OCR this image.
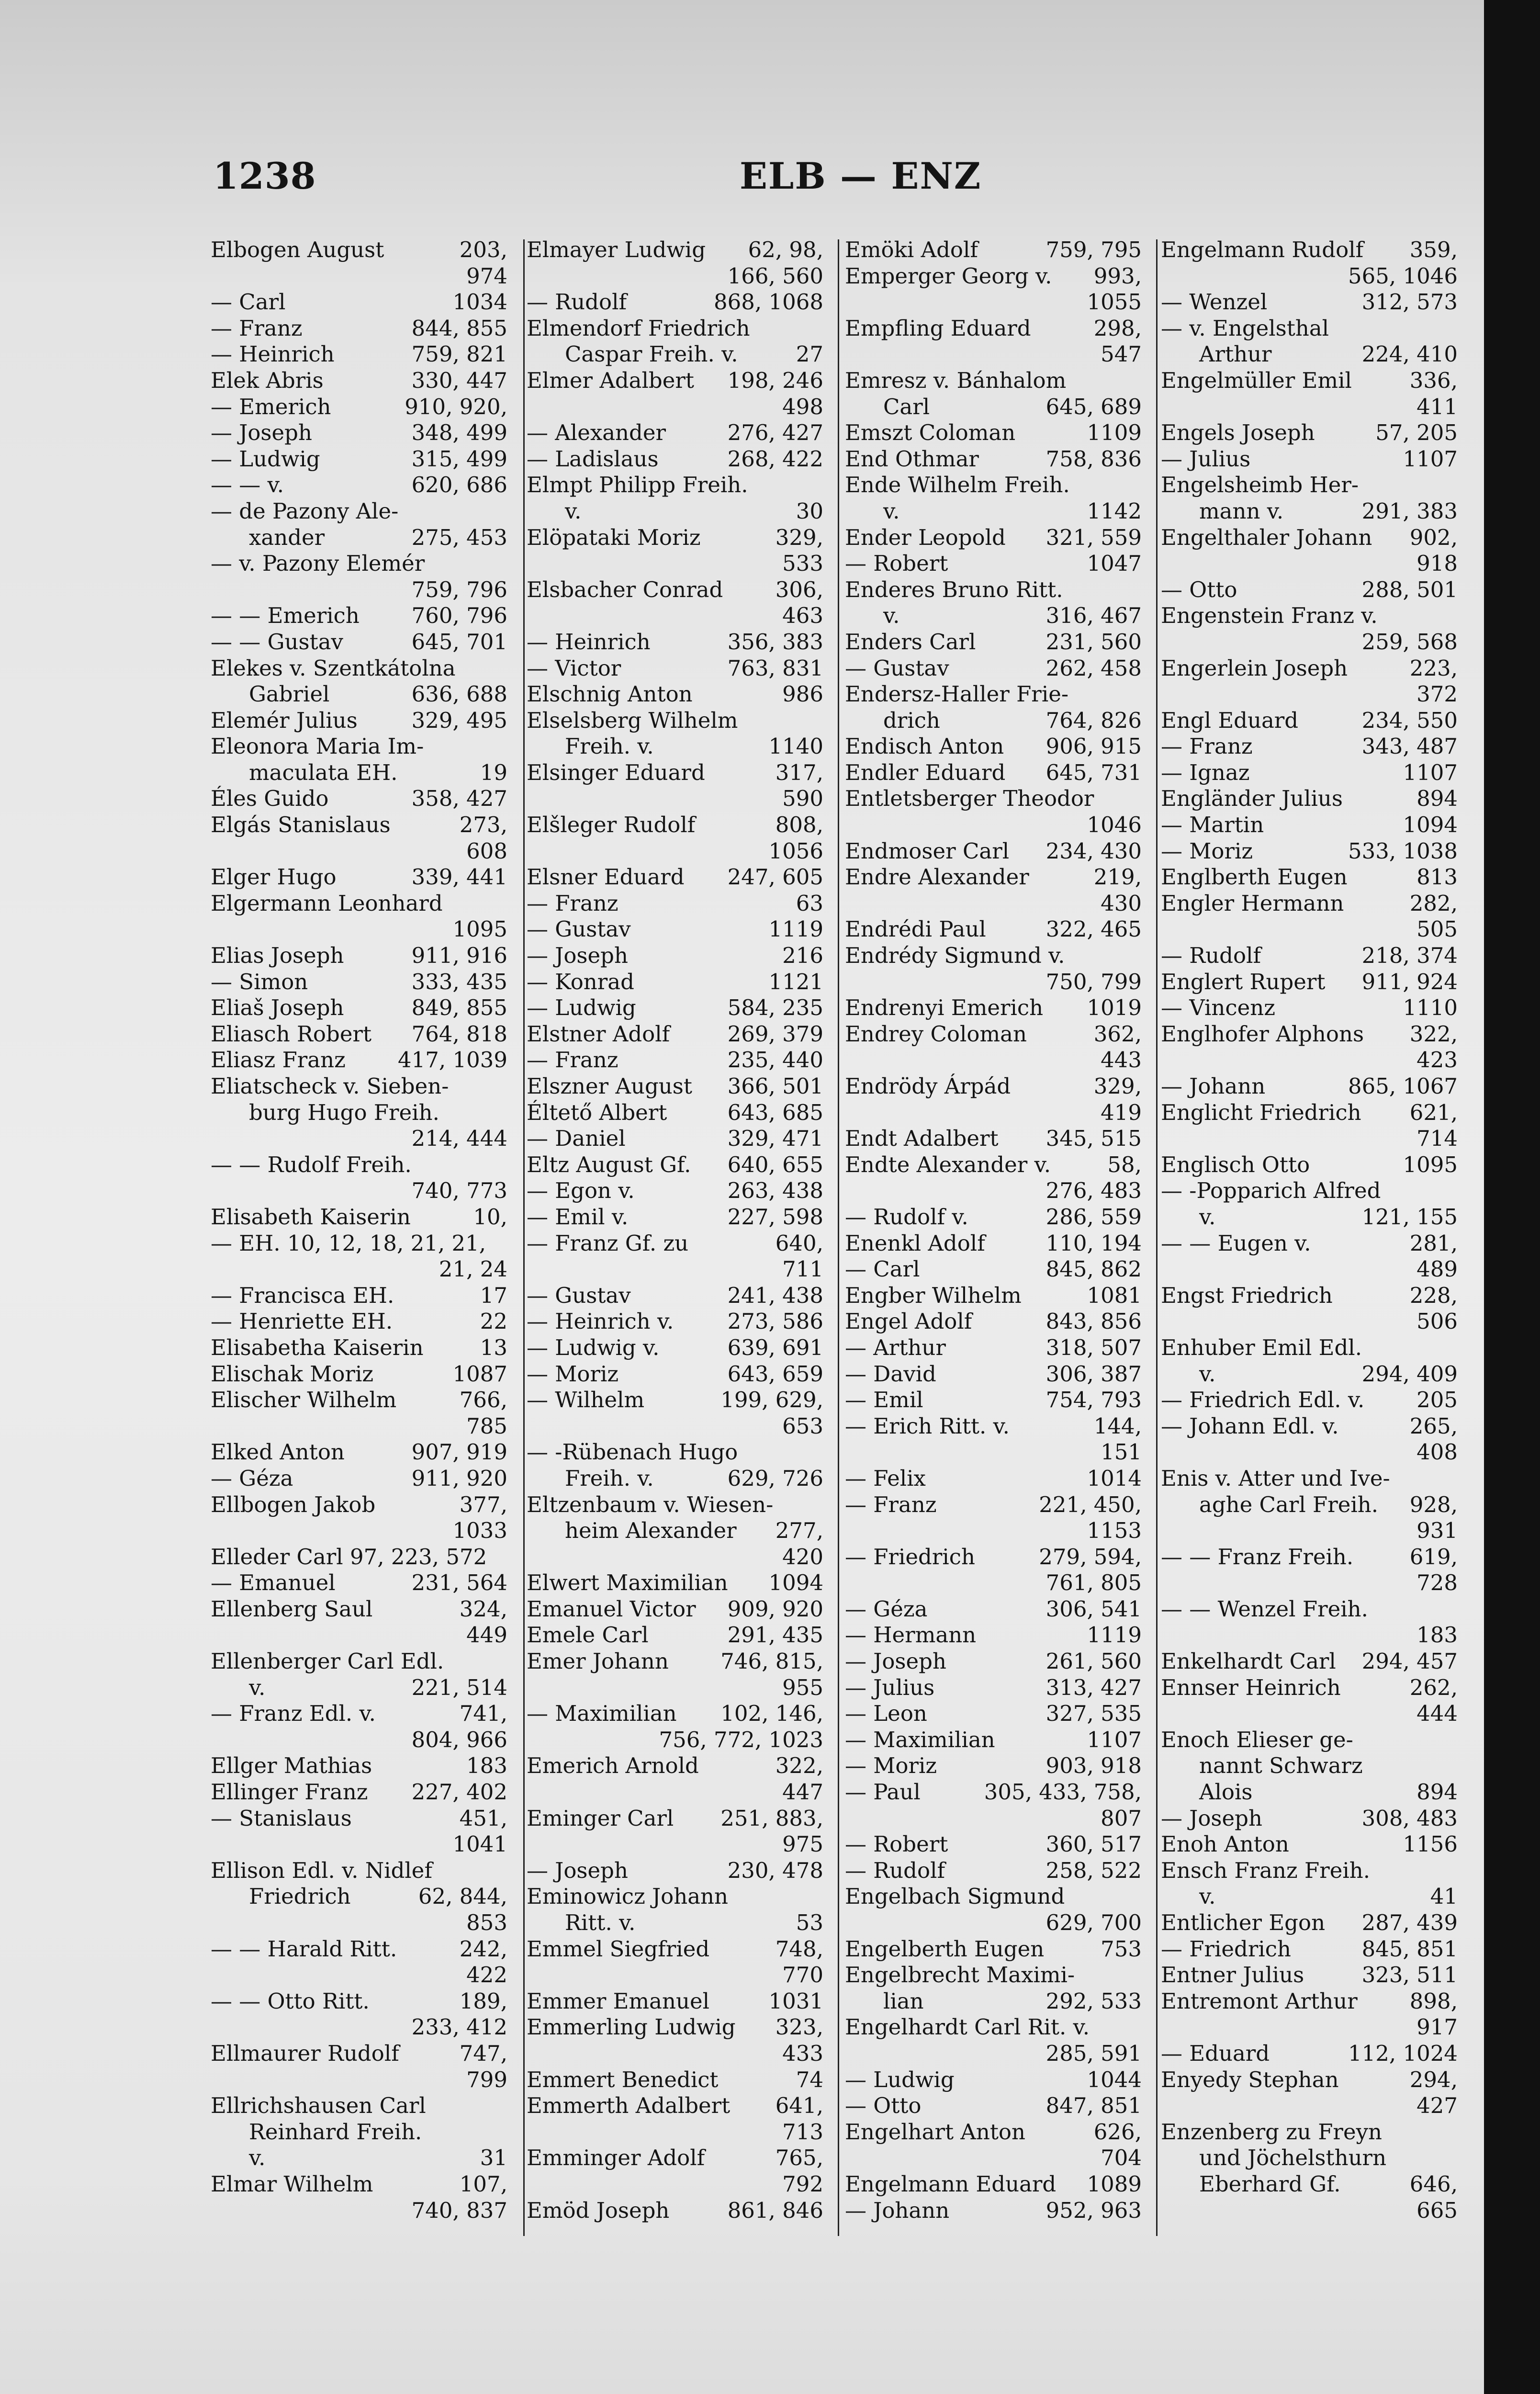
1238	ELB — ENZ
Elbogen August	203,
974
— Carl	1034
— Franz	844, 855
— Heinrich	759, 821
Elek Abris	330, 447
— Emerich	910, 920,
— Joseph	348, 499
— Ludwig	315, 499
— — v.	620, 686
— de Pazony Ale-
xander	275, 453
— v. Pazony Elemér
759, 796
— — Emerich	760, 796
— — Gustav	645, 701
Elekes v. Szentkátolna
Gabriel	636, 688
Elemér Julius	329, 495
Eleonora Maria Im-
maculata EH.	19
Éles Guido	358, 427
Elgás Stanislaus	273,
608
Elger Hugo	339, 441
Elgermann Leonhard
1095
Elias Joseph	911, 916
— Simon	333, 435
Eliaš Joseph	849, 855
Eliasch Robert	764, 818
Eliasz Franz	417, 1039
Eliatscheck v. Sieben-
burg Hugo Freih.
214, 444
— — Rudolf Freih.
740, 773
Elisabeth Kaiserin	10,
— EH. 10, 12, 18, 21, 21,
21, 24
— Francisca EH.	17
— Henriette EH.	22
Elisabetha Kaiserin	13
Elischak Moriz	1087
Elischer Wilhelm	766,
785
Elked Anton	907, 919
— Géza	911, 920
Ellbogen Jakob	377,
1033
Elleder Carl 97, 223, 572
— Emanuel	231, 564
Ellenberg Saul	324,
449
Ellenberger Carl Edl.
v.	221, 514
— Franz Edl. v.	741,
804, 966
Ellger Mathias	183
Ellinger Franz	227, 402
— Stanislaus	451,
1041
Ellison Edl. v. Nidlef
Friedrich	62, 844,
853
— — Harald Ritt.	242,
422
— — Otto Ritt.	189,
233, 412
Ellmaurer Rudolf	747,
799
Ellrichshausen Carl
Reinhard Freih.
v.	31
Elmar Wilhelm	107,
740, 837
Elmayer Ludwig	62, 98,
166, 560
— Rudolf	868, 1068
Elmendorf Friedrich
Caspar Freih. v.	27
Elmer Adalbert	198, 246
498
— Alexander	276, 427
— Ladislaus	268, 422
Elmpt Philipp Freih.
v.	30
Elöpataki Moriz	329,
533
Elsbacher Conrad	306,
463
— Heinrich	356, 383
— Victor	763, 831
Elschnig Anton	986
Elselsberg Wilhelm
Freih. v.	1140
Elsinger Eduard	317,
590
Elšleger Rudolf	808,
1056
Elsner Eduard	247, 605
— Franz	63
— Gustav	1119
— Joseph	216
— Konrad	1121
— Ludwig	584, 235
Elstner Adolf	269, 379
— Franz	235, 440
Elszner August	366, 501
Éltető Albert	643, 685
— Daniel	329, 471
Eltz August Gf.	640, 655
— Egon v.	263, 438
— Emil v.	227, 598
— Franz Gf. zu	640,
711
— Gustav	241, 438
— Heinrich v.	273, 586
— Ludwig v.	639, 691
— Moriz	643, 659
— Wilhelm	199, 629,
653
— -Rübenach Hugo
Freih. v.	629, 726
Eltzenbaum v. Wiesen-
heim Alexander	277,
420
Elwert Maximilian	1094
Emanuel Victor	909, 920
Emele Carl	291, 435
Emer Johann	746, 815,
955
— Maximilian	102, 146,
756, 772, 1023
Emerich Arnold	322,
447
Eminger Carl	251, 883,
975
— Joseph	230, 478
Eminowicz Johann
Ritt. v.	53
Emmel Siegfried	748,
770
Emmer Emanuel	1031
Emmerling Ludwig	323,
433
Emmert Benedict	74
Emmerth Adalbert	641,
713
Emminger Adolf	765,
792
Emöd Joseph	861, 846
Emöki Adolf	759, 795
Emperger Georg v.	993,
1055
Empfling Eduard	298,
547
Emresz v. Bánhalom
Carl	645, 689
Emszt Coloman	1109
End Othmar	758, 836
Ende Wilhelm Freih.
v.	1142
Ender Leopold	321, 559
— Robert	1047
Enderes Bruno Ritt.
v.	316, 467
Enders Carl	231, 560
— Gustav	262, 458
Endersz-Haller Frie-
drich	764, 826
Endisch Anton	906, 915
Endler Eduard	645, 731
Entletsberger Theodor
1046
Endmoser Carl	234, 430
Endre Alexander	219,
430
Endrédi Paul	322, 465
Endrédy Sigmund v.
750, 799
Endrenyi Emerich	1019
Endrey Coloman	362,
443
Endrödy Árpád	329,
419
Endt Adalbert	345, 515
Endte Alexander v.	58,
276, 483
— Rudolf v.	286, 559
Enenkl Adolf	110, 194
— Carl	845, 862
Engber Wilhelm	1081
Engel Adolf	843, 856
— Arthur	318, 507
— David	306, 387
— Emil	754, 793
— Erich Ritt. v.	144,
151
— Felix	1014
— Franz	221, 450,
1153
— Friedrich	279, 594,
761, 805
— Géza	306, 541
— Hermann	1119
— Joseph	261, 560
— Julius	313, 427
— Leon	327, 535
— Maximilian	1107
— Moriz	903, 918
— Paul	305, 433, 758,
807
— Robert	360, 517
— Rudolf	258, 522
Engelbach Sigmund
629, 700
Engelberth Eugen	753
Engelbrecht Maximi-
lian	292, 533
Engelhardt Carl Rit. v.
285, 591
— Ludwig	1044
— Otto	847, 851
Engelhart Anton	626,
704
Engelmann Eduard	1089
— Johann	952, 963
Engelmann Rudolf	359,
565, 1046
— Wenzel	312, 573
— v. Engelsthal
Arthur	224, 410
Engelmüller Emil	336,
411
Engels Joseph	57, 205
— Julius	1107
Engelsheimb Her-
mann v.	291, 383
Engelthaler Johann	902,
918
— Otto	288, 501
Engenstein Franz v.
259, 568
Engerlein Joseph	223,
372
Engl Eduard	234, 550
— Franz	343, 487
— Ignaz	1107
Engländer Julius	894
— Martin	1094
— Moriz	533, 1038
Englberth Eugen	813
Engler Hermann	282,
505
— Rudolf	218, 374
Englert Rupert	911, 924
— Vincenz	1110
Englhofer Alphons	322,
423
— Johann	865, 1067
Englicht Friedrich	621,
714
Englisch Otto	1095
— -Popparich Alfred
v.	121, 155
— — Eugen v.	281,
489
Engst Friedrich	228,
506
Enhuber Emil Edl.
v.	294, 409
— Friedrich Edl. v.	205
— Johann Edl. v.	265,
408
Enis v. Atter und Ive-
aghe Carl Freih.	928,
931
— — Franz Freih.	619,
728
— — Wenzel Freih.
183
Enkelhardt Carl	294, 457
Ennser Heinrich	262,
444
Enoch Elieser ge-
nannt Schwarz
Alois	894
— Joseph	308, 483
Enoh Anton	1156
Ensch Franz Freih.
v.	41
Entlicher Egon	287, 439
— Friedrich	845, 851
Entner Julius	323, 511
Entremont Arthur	898,
917
— Eduard	112, 1024
Enyedy Stephan	294,
427
Enzenberg zu Freyn
und Jöchelsthurn
Eberhard Gf.	646,
665
